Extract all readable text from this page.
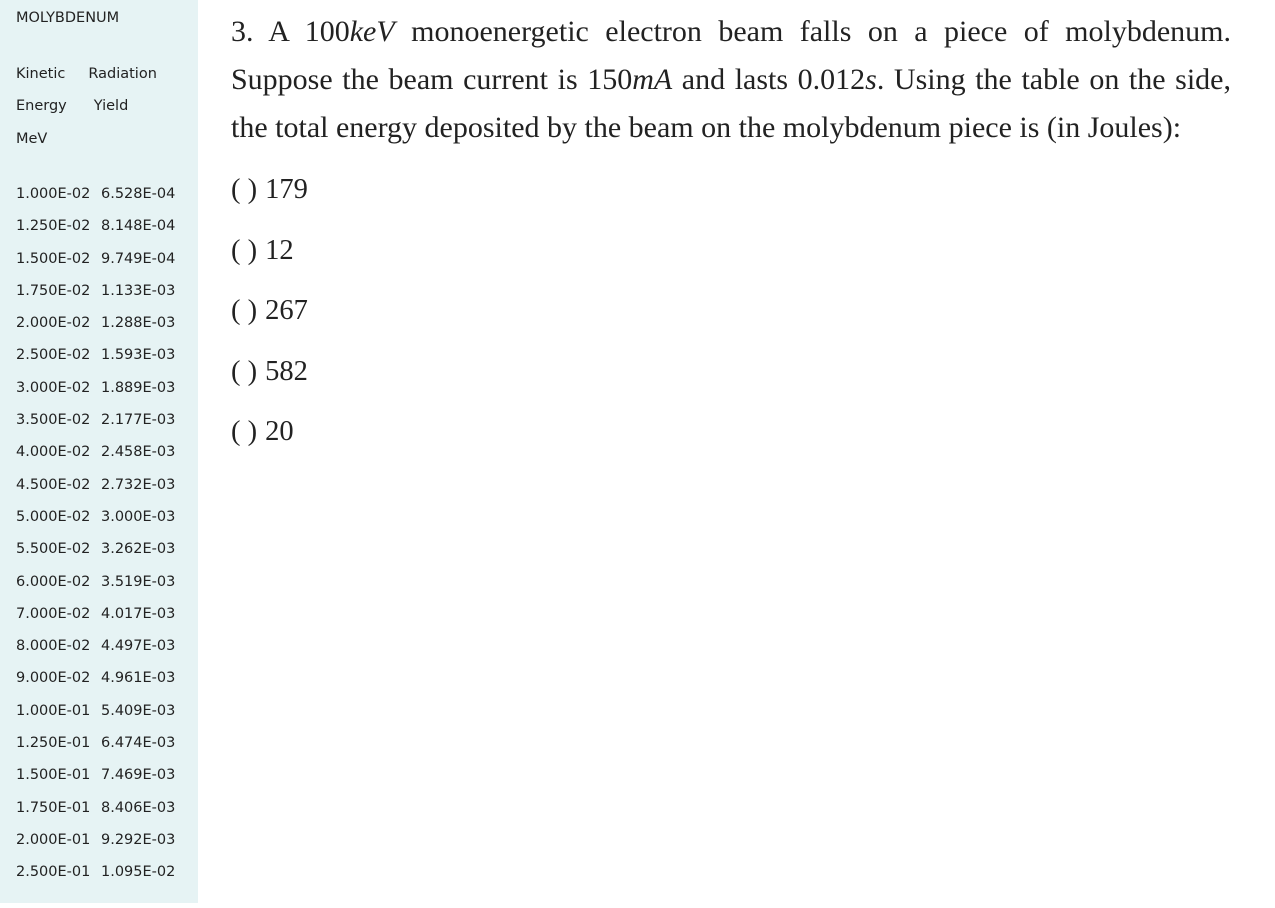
MOLYBDENUM
Kinetic Radiation
Energy Yield
MeV
1.000E-02 6.528E-04
1.250E-02 8.148E-04
1.500E-02 9.749E-04
1.750E-02 1.133E-03
2.000E-02 1.288E-03
2.500E-02 1.593E-03
3.000E-02 1.889E-03
3.500E-02 2.177E-03
4.000E-02 2.458E-03
4.500E-02 2.732E-03
5.000E-02 3.000E-03
5.500E-02 3.262E-03
6.000E-02 3.519E-03
7.000E-02 4.017E-03
8.000E-02 4.497E-03
9.000E-02 4.961E-03
1.000E-01 5.409E-03
1.250E-01 6.474E-03
1.500E-01 7.469E-03
1.750E-01 8.406E-03
2.000E-01 9.292E-03
2.500E-01 1.095E-02

3. A 100keV monoenergetic electron beam falls on a piece of molybdenum. Suppose the beam current is 150mA and lasts 0.012s. Using the table on the side, the total energy deposited by the beam on the molybdenum piece is (in Joules):

( ) 179
( ) 12
( ) 267
( ) 582
( ) 20
